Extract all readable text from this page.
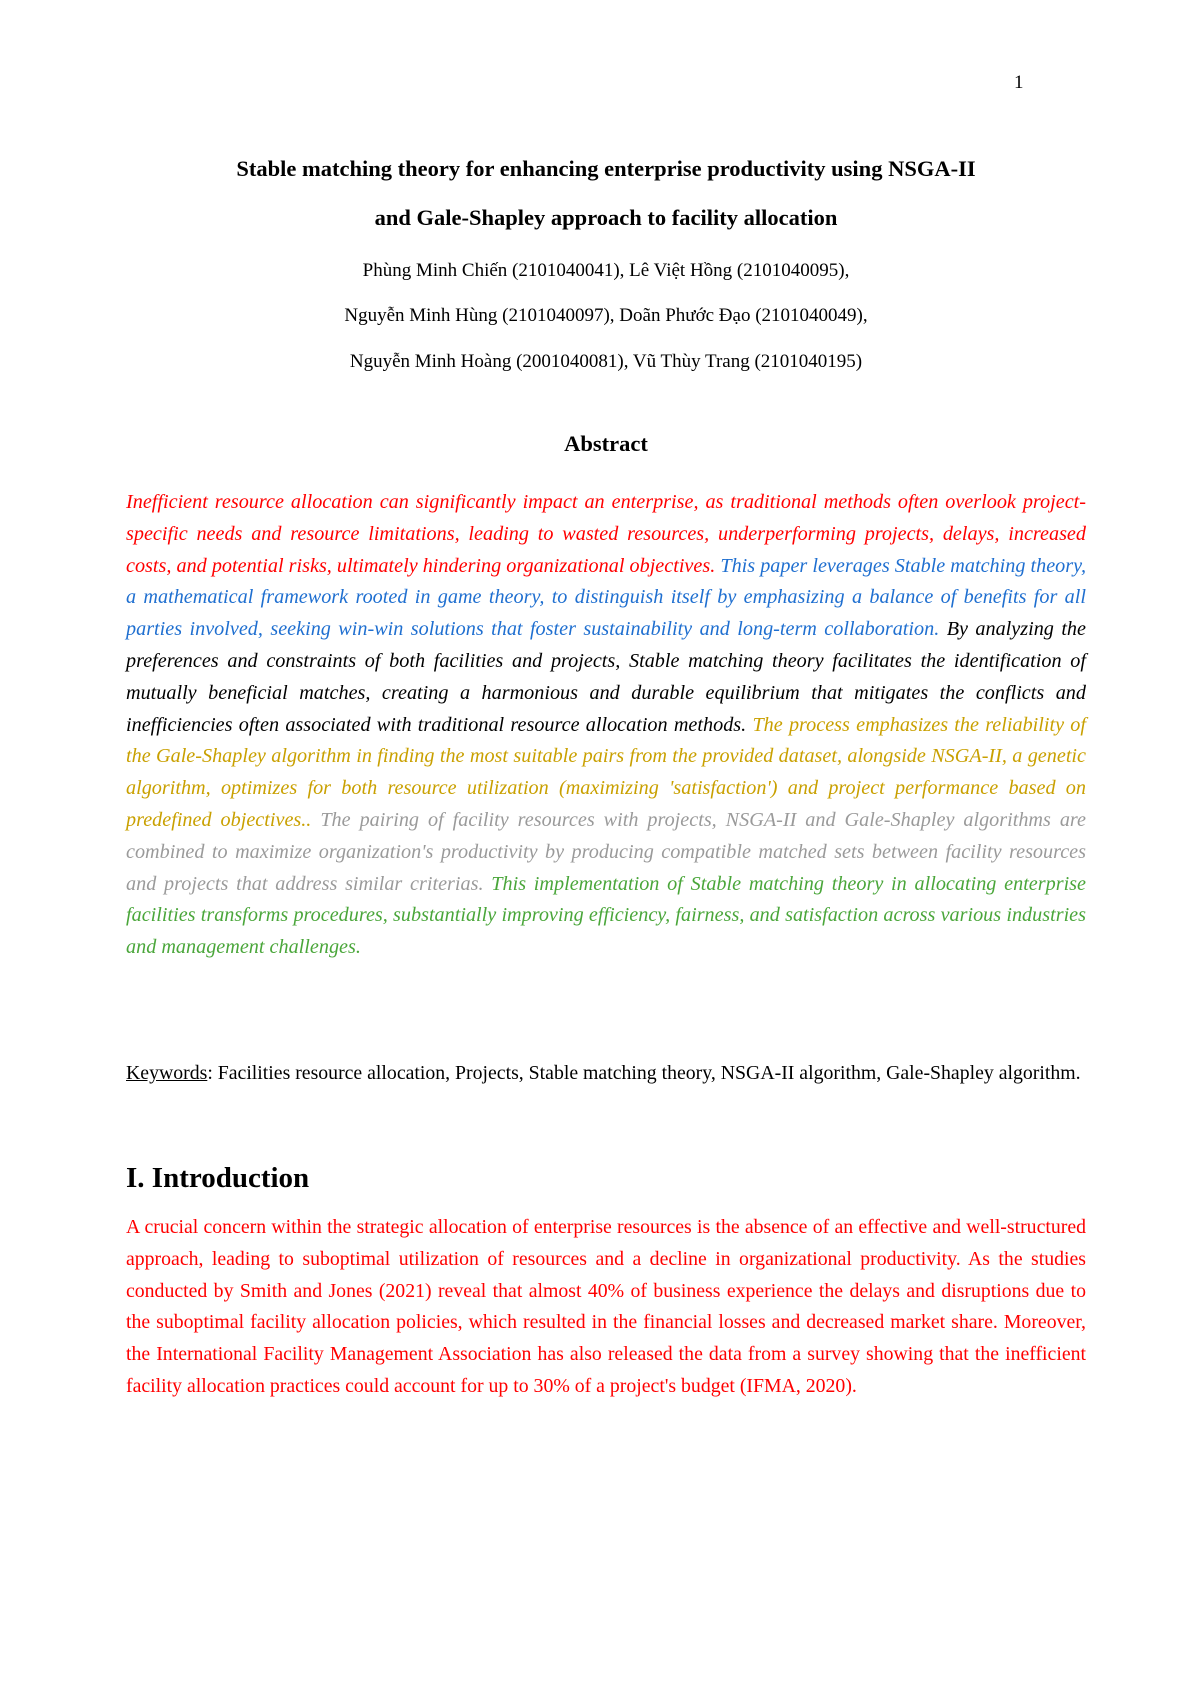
1
Stable matching theory for enhancing enterprise productivity using NSGA-II
and Gale-Shapley approach to facility allocation
Phùng Minh Chiến (2101040041), Lê Việt Hồng (2101040095),
Nguyễn Minh Hùng (2101040097), Doãn Phước Đạo (2101040049),
Nguyễn Minh Hoàng (2001040081), Vũ Thùy Trang (2101040195)
Abstract

Inefficient resource allocation can significantly impact an enterprise, as traditional methods often overlook project-specific needs and resource limitations, leading to wasted resources, underperforming projects, delays, increased costs, and potential risks, ultimately hindering organizational objectives. This paper leverages Stable matching theory, a mathematical framework rooted in game theory, to distinguish itself by emphasizing a balance of benefits for all parties involved, seeking win-win solutions that foster sustainability and long-term collaboration. By analyzing the preferences and constraints of both facilities and projects, Stable matching theory facilitates the identification of mutually beneficial matches, creating a harmonious and durable equilibrium that mitigates the conflicts and inefficiencies often associated with traditional resource allocation methods. The process emphasizes the reliability of the Gale-Shapley algorithm in finding the most suitable pairs from the provided dataset, alongside NSGA-II, a genetic algorithm, optimizes for both resource utilization (maximizing 'satisfaction') and project performance based on predefined objectives.. The pairing of facility resources with projects, NSGA-II and Gale-Shapley algorithms are combined to maximize organization's productivity by producing compatible matched sets between facility resources and projects that address similar criterias. This implementation of Stable matching theory in allocating enterprise facilities transforms procedures, substantially improving efficiency, fairness, and satisfaction across various industries and management challenges.

Keywords: Facilities resource allocation, Projects, Stable matching theory, NSGA-II algorithm, Gale-Shapley algorithm.

I. Introduction

A crucial concern within the strategic allocation of enterprise resources is the absence of an effective and well-structured approach, leading to suboptimal utilization of resources and a decline in organizational productivity. As the studies conducted by Smith and Jones (2021) reveal that almost 40% of business experience the delays and disruptions due to the suboptimal facility allocation policies, which resulted in the financial losses and decreased market share. Moreover, the International Facility Management Association has also released the data from a survey showing that the inefficient facility allocation practices could account for up to 30% of a project's budget (IFMA, 2020).
